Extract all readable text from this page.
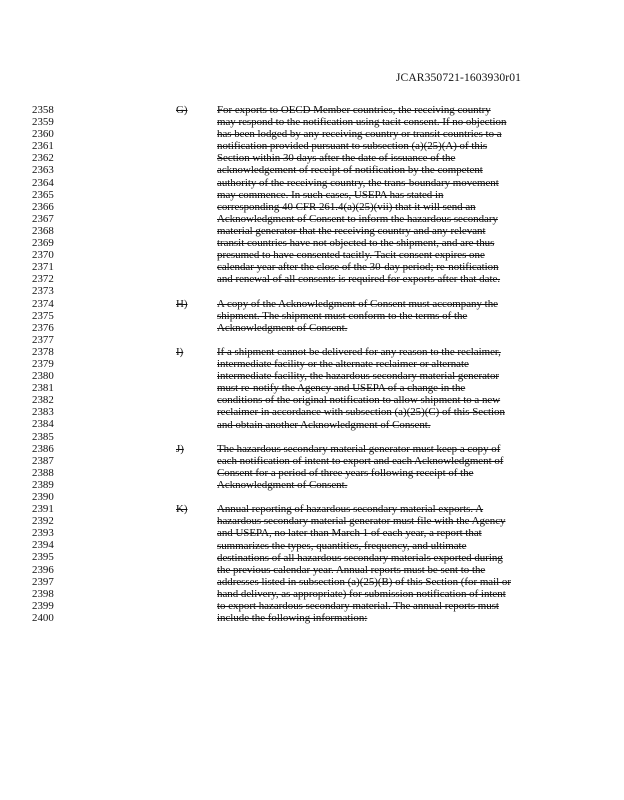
JCAR350721-1603930r01
2358
2359
2360
2361
2362
2363
2364
2365
2366
2367
2368
2369
2370
2371
2372
2373
2374
2375
2376
2377
2378
2379
2380
2381
2382
2383
2384
2385
2386
2387
2388
2389
2390
2391
2392
2393
2394
2395
2396
2397
2398
2399
2400
G)	For exports to OECD Member countries, the receiving country
may respond to the notification using tacit consent. If no objection
has been lodged by any receiving country or transit countries to a
notification provided pursuant to subsection (a)(25)(A) of this
Section within 30 days after the date of issuance of the
acknowledgement of receipt of notification by the competent
authority of the receiving country, the trans-boundary movement
may commence. In such cases, USEPA has stated in
corresponding 40 CFR 261.4(a)(25)(vii) that it will send an
Acknowledgment of Consent to inform the hazardous secondary
material generator that the receiving country and any relevant
transit countries have not objected to the shipment, and are thus
presumed to have consented tacitly. Tacit consent expires one
calendar year after the close of the 30-day period; re-notification
and renewal of all consents is required for exports after that date.
H)	A copy of the Acknowledgment of Consent must accompany the
shipment. The shipment must conform to the terms of the
Acknowledgment of Consent.
I)	If a shipment cannot be delivered for any reason to the reclaimer,
intermediate facility or the alternate reclaimer or alternate
intermediate facility, the hazardous secondary material generator
must re-notify the Agency and USEPA of a change in the
conditions of the original notification to allow shipment to a new
reclaimer in accordance with subsection (a)(25)(C) of this Section
and obtain another Acknowledgment of Consent.
J)	The hazardous secondary material generator must keep a copy of
each notification of intent to export and each Acknowledgment of
Consent for a period of three years following receipt of the
Acknowledgment of Consent.
K)	Annual reporting of hazardous secondary material exports. A
hazardous secondary material generator must file with the Agency
and USEPA, no later than March 1 of each year, a report that
summarizes the types, quantities, frequency, and ultimate
destinations of all hazardous secondary materials exported during
the previous calendar year. Annual reports must be sent to the
addresses listed in subsection (a)(25)(B) of this Section (for mail or
hand delivery, as appropriate) for submission notification of intent
to export hazardous secondary material. The annual reports must
include the following information:
